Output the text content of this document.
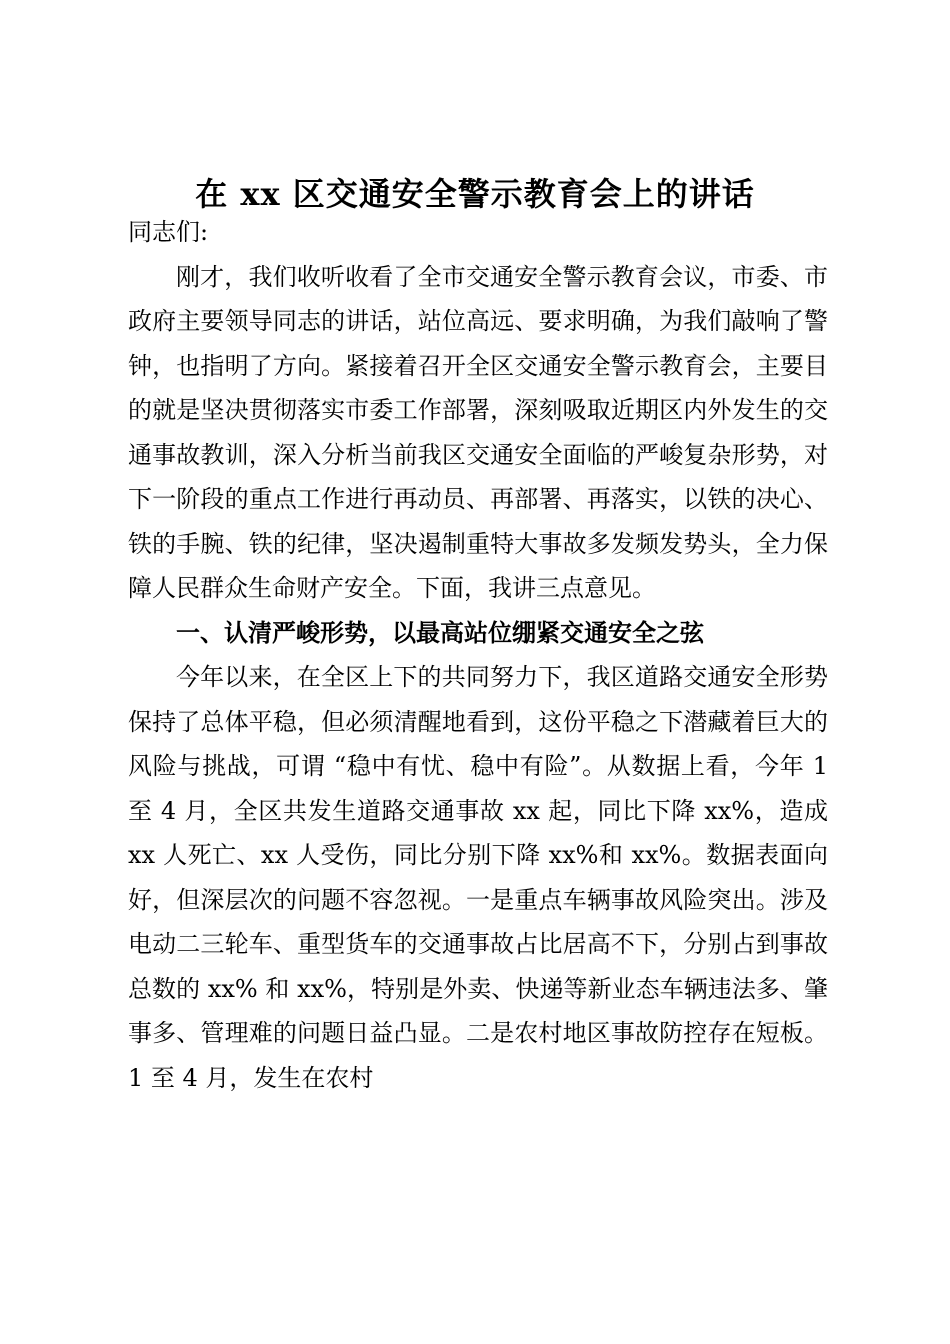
在 xx 区交通安全警示教育会上的讲话

同志们:

刚才，我们收听收看了全市交通安全警示教育会议，市委、市政府主要领导同志的讲话，站位高远、要求明确，为我们敲响了警钟，也指明了方向。紧接着召开全区交通安全警示教育会，主要目的就是坚决贯彻落实市委工作部署，深刻吸取近期区内外发生的交通事故教训，深入分析当前我区交通安全面临的严峻复杂形势，对下一阶段的重点工作进行再动员、再部署、再落实，以铁的决心、铁的手腕、铁的纪律，坚决遏制重特大事故多发频发势头，全力保障人民群众生命财产安全。下面，我讲三点意见。

一、认清严峻形势，以最高站位绷紧交通安全之弦

今年以来，在全区上下的共同努力下，我区道路交通安全形势保持了总体平稳，但必须清醒地看到，这份平稳之下潜藏着巨大的风险与挑战，可谓 “稳中有忧、稳中有险”。从数据上看，今年 1 至 4 月，全区共发生道路交通事故 xx 起，同比下降 xx%，造成 xx 人死亡、xx 人受伤，同比分别下降 xx%和 xx%。数据表面向好，但深层次的问题不容忽视。一是重点车辆事故风险突出。涉及电动二三轮车、重型货车的交通事故占比居高不下，分别占到事故总数的 xx% 和 xx%，特别是外卖、快递等新业态车辆违法多、肇事多、管理难的问题日益凸显。二是农村地区事故防控存在短板。1 至 4 月，发生在农村
